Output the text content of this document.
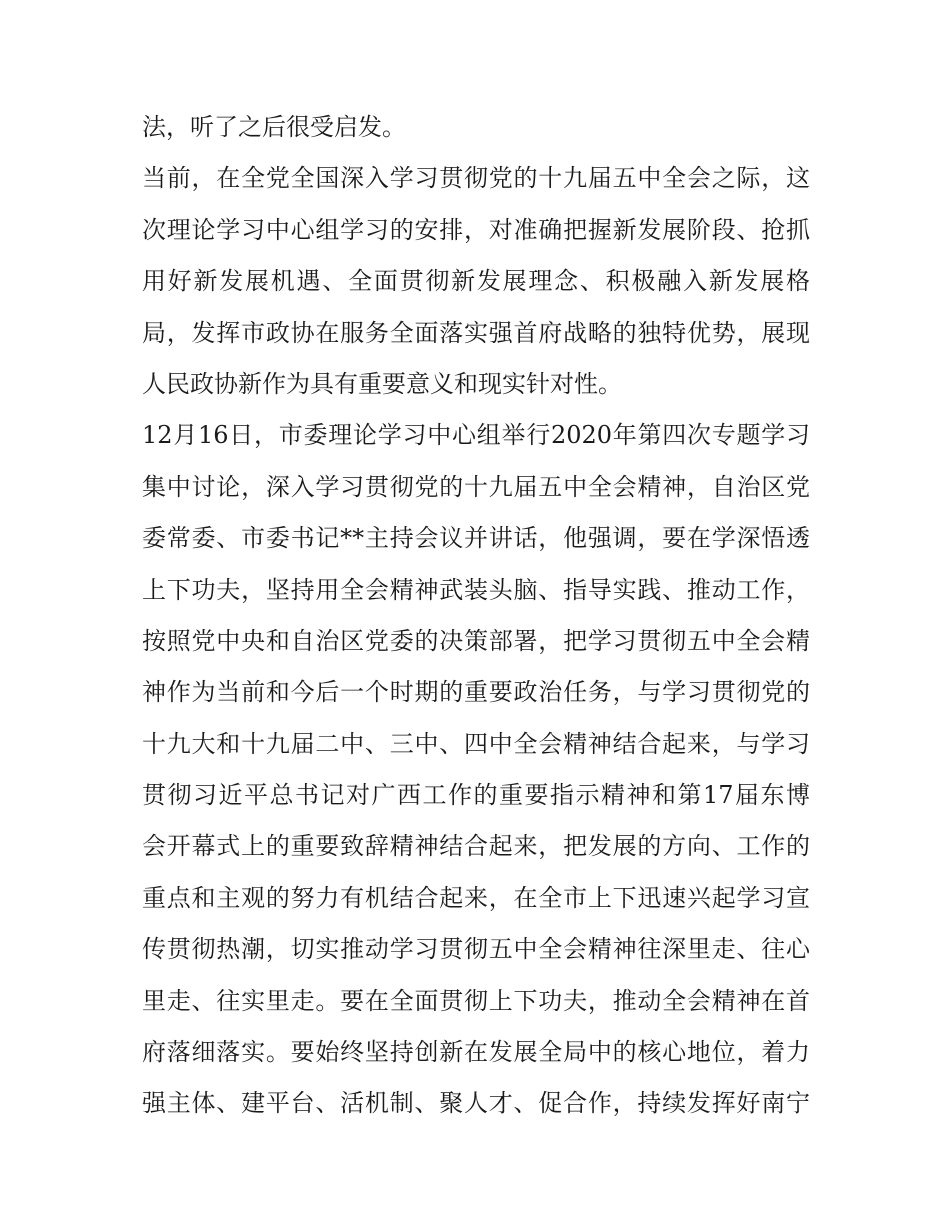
法，听了之后很受启发。
当前，在全党全国深入学习贯彻党的十九届五中全会之际，这
次理论学习中心组学习的安排，对准确把握新发展阶段、抢抓
用好新发展机遇、全面贯彻新发展理念、积极融入新发展格
局，发挥市政协在服务全面落实强首府战略的独特优势，展现
人民政协新作为具有重要意义和现实针对性。
12月16日，市委理论学习中心组举行2020年第四次专题学习
集中讨论，深入学习贯彻党的十九届五中全会精神，自治区党
委常委、市委书记**主持会议并讲话，他强调，要在学深悟透
上下功夫，坚持用全会精神武装头脑、指导实践、推动工作，
按照党中央和自治区党委的决策部署，把学习贯彻五中全会精
神作为当前和今后一个时期的重要政治任务，与学习贯彻党的
十九大和十九届二中、三中、四中全会精神结合起来，与学习
贯彻习近平总书记对广西工作的重要指示精神和第17届东博
会开幕式上的重要致辞精神结合起来，把发展的方向、工作的
重点和主观的努力有机结合起来，在全市上下迅速兴起学习宣
传贯彻热潮，切实推动学习贯彻五中全会精神往深里走、往心
里走、往实里走。要在全面贯彻上下功夫，推动全会精神在首
府落细落实。要始终坚持创新在发展全局中的核心地位，着力
强主体、建平台、活机制、聚人才、促合作，持续发挥好南宁
